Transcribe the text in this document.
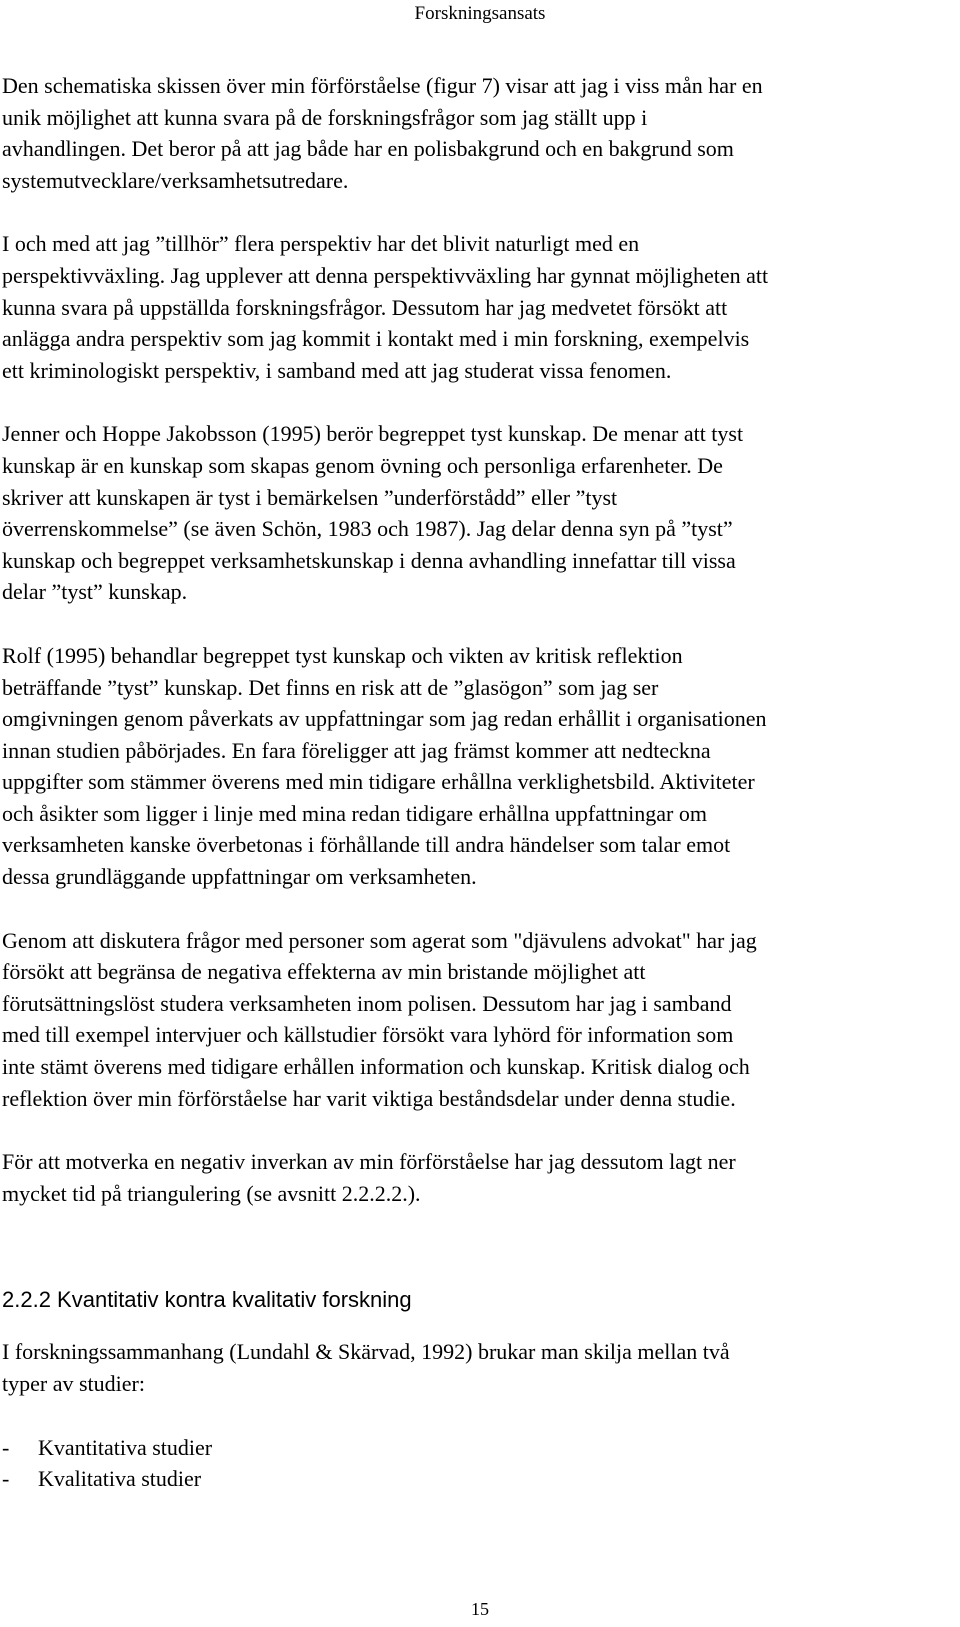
Forskningsansats

Den schematiska skissen över min förförståelse (figur 7) visar att jag i viss mån har en
unik möjlighet att kunna svara på de forskningsfrågor som jag ställt upp i
avhandlingen. Det beror på att jag både har en polisbakgrund och en bakgrund som
systemutvecklare/verksamhetsutredare.

I och med att jag ”tillhör” flera perspektiv har det blivit naturligt med en
perspektivväxling. Jag upplever att denna perspektivväxling har gynnat möjligheten att
kunna svara på uppställda forskningsfrågor. Dessutom har jag medvetet försökt att
anlägga andra perspektiv som jag kommit i kontakt med i min forskning, exempelvis
ett kriminologiskt perspektiv, i samband med att jag studerat vissa fenomen.

Jenner och Hoppe Jakobsson (1995) berör begreppet tyst kunskap. De menar att tyst
kunskap är en kunskap som skapas genom övning och personliga erfarenheter. De
skriver att kunskapen är tyst i bemärkelsen ”underförstådd” eller ”tyst
överrenskommelse” (se även Schön, 1983 och 1987). Jag delar denna syn på ”tyst”
kunskap och begreppet verksamhetskunskap i denna avhandling innefattar till vissa
delar ”tyst” kunskap.

Rolf (1995) behandlar begreppet tyst kunskap och vikten av kritisk reflektion
beträffande ”tyst” kunskap. Det finns en risk att de ”glasögon” som jag ser
omgivningen genom påverkats av uppfattningar som jag redan erhållit i organisationen
innan studien påbörjades. En fara föreligger att jag främst kommer att nedteckna
uppgifter som stämmer överens med min tidigare erhållna verklighetsbild. Aktiviteter
och åsikter som ligger i linje med mina redan tidigare erhållna uppfattningar om
verksamheten kanske överbetonas i förhållande till andra händelser som talar emot
dessa grundläggande uppfattningar om verksamheten.

Genom att diskutera frågor med personer som agerat som "djävulens advokat" har jag
försökt att begränsa de negativa effekterna av min bristande möjlighet att
förutsättningslöst studera verksamheten inom polisen. Dessutom har jag i samband
med till exempel intervjuer och källstudier försökt vara lyhörd för information som
inte stämt överens med tidigare erhållen information och kunskap. Kritisk dialog och
reflektion över min förförståelse har varit viktiga beståndsdelar under denna studie.

För att motverka en negativ inverkan av min förförståelse har jag dessutom lagt ner
mycket tid på triangulering (se avsnitt 2.2.2.2.).

2.2.2 Kvantitativ kontra kvalitativ forskning

I forskningssammanhang (Lundahl & Skärvad, 1992) brukar man skilja mellan två
typer av studier:

-	Kvantitativa studier
-	Kvalitativa studier
15
